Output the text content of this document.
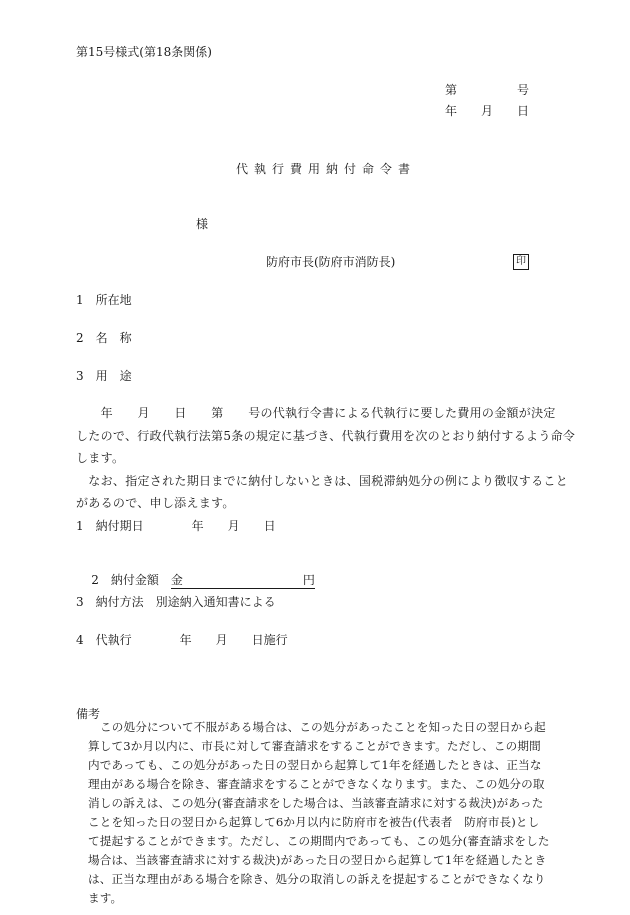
第15号様式(第18条関係)
第　　　　　号
年　　月　　日
代執行費用納付命令書
様
防府市長(防府市消防長)	印
1　所在地
2　名　称
3　用　途
　　年　　月　　日　　第　　号の代執行令書による代執行に要した費用の金額が決定
したので、行政代執行法第5条の規定に基づき、代執行費用を次のとおり納付するよう命令
します。
　なお、指定された期日までに納付しないときは、国税滞納処分の例により徴収すること
があるので、申し添えます。
1　納付期日　　　　年　　月　　日

2　納付金額　金　　　　　　　　　　円

3　納付方法　別途納入通知書による
4　代執行　　　　年　　月　　日施行
備考
この処分について不服がある場合は、この処分があったことを知った日の翌日から起算して3か月以内に、市長に対して審査請求をすることができます。ただし、この期間内であっても、この処分があった日の翌日から起算して1年を経過したときは、正当な理由がある場合を除き、審査請求をすることができなくなります。また、この処分の取消しの訴えは、この処分(審査請求をした場合は、当該審査請求に対する裁決)があったことを知った日の翌日から起算して6か月以内に防府市を被告(代表者　防府市長)として提起することができます。ただし、この期間内であっても、この処分(審査請求をした場合は、当該審査請求に対する裁決)があった日の翌日から起算して1年を経過したときは、正当な理由がある場合を除き、処分の取消しの訴えを提起することができなくなります。
